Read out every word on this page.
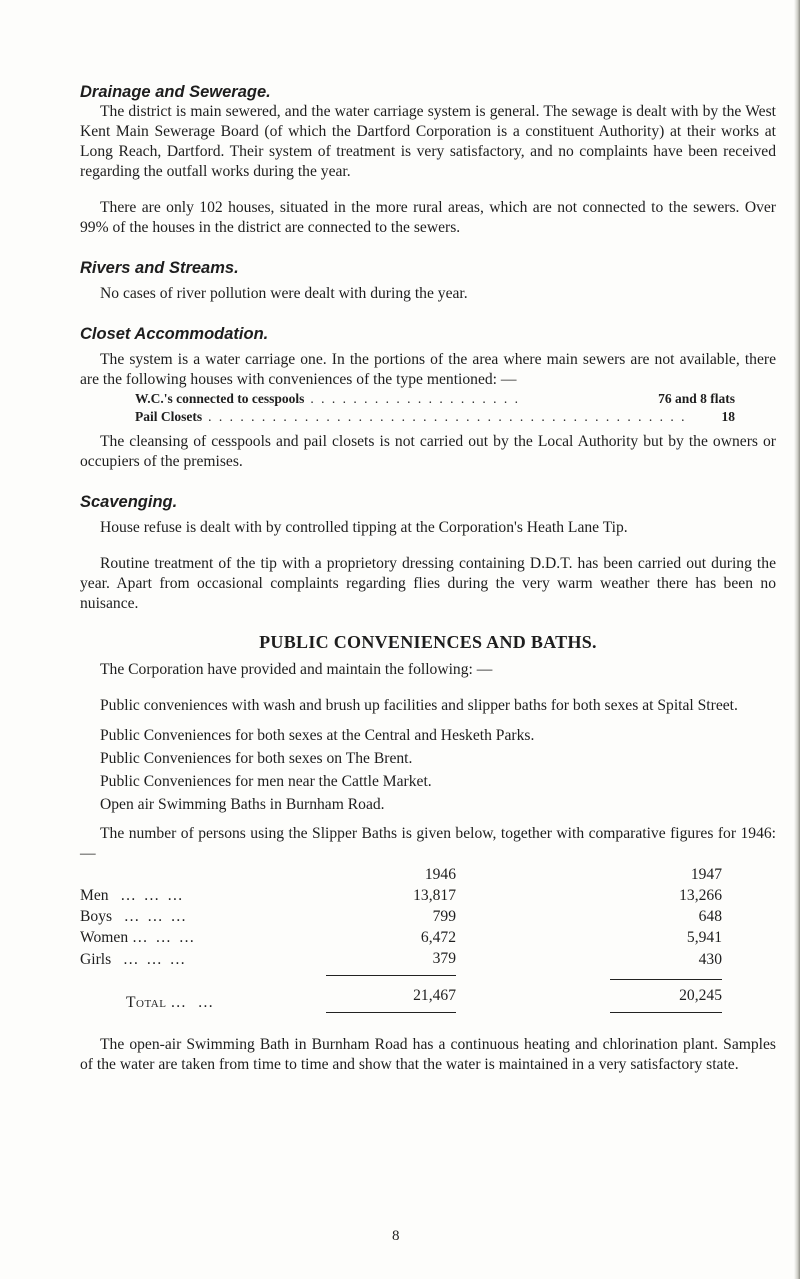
Drainage and Sewerage.

The district is main sewered, and the water carriage system is general. The sewage is dealt with by the West Kent Main Sewerage Board (of which the Dartford Corporation is a constituent Authority) at their works at Long Reach, Dartford. Their system of treatment is very satisfactory, and no complaints have been received regarding the outfall works during the year.

There are only 102 houses, situated in the more rural areas, which are not connected to the sewers. Over 99% of the houses in the district are connected to the sewers.

Rivers and Streams.

No cases of river pollution were dealt with during the year.

Closet Accommodation.

The system is a water carriage one. In the portions of the area where main sewers are not available, there are the following houses with conveniences of the type mentioned: —

W.C.'s connected to cesspools . . . . . . . . . . . . . . . . . . . .	76 and 8 flats
Pail Closets . . . . . . . . . . . . . . . . . . . . . . . . . . . . . . . . . . . . . . . . . . . . .	18

The cleansing of cesspools and pail closets is not carried out by the Local Authority but by the owners or occupiers of the premises.

Scavenging.

House refuse is dealt with by controlled tipping at the Corporation's Heath Lane Tip.

Routine treatment of the tip with a proprietory dressing containing D.D.T. has been carried out during the year. Apart from occasional complaints regarding flies during the very warm weather there has been no nuisance.

PUBLIC CONVENIENCES AND BATHS.

The Corporation have provided and maintain the following: —

Public conveniences with wash and brush up facilities and slipper baths for both sexes at Spital Street.

Public Conveniences for both sexes at the Central and Hesketh Parks.

Public Conveniences for both sexes on The Brent.

Public Conveniences for men near the Cattle Market.

Open air Swimming Baths in Burnham Road.

The number of persons using the Slipper Baths is given below, together with comparative figures for 1946: —

	1946	1947
Men   …  …  …	13,817	13,266
Boys   …  …  …	799	648
Women …  …  …	6,472	5,941
Girls   …  …  …	379	430
Total …   …	21,467	20,245

The open-air Swimming Bath in Burnham Road has a continuous heating and chlorination plant. Samples of the water are taken from time to time and show that the water is maintained in a very satisfactory state.

8
